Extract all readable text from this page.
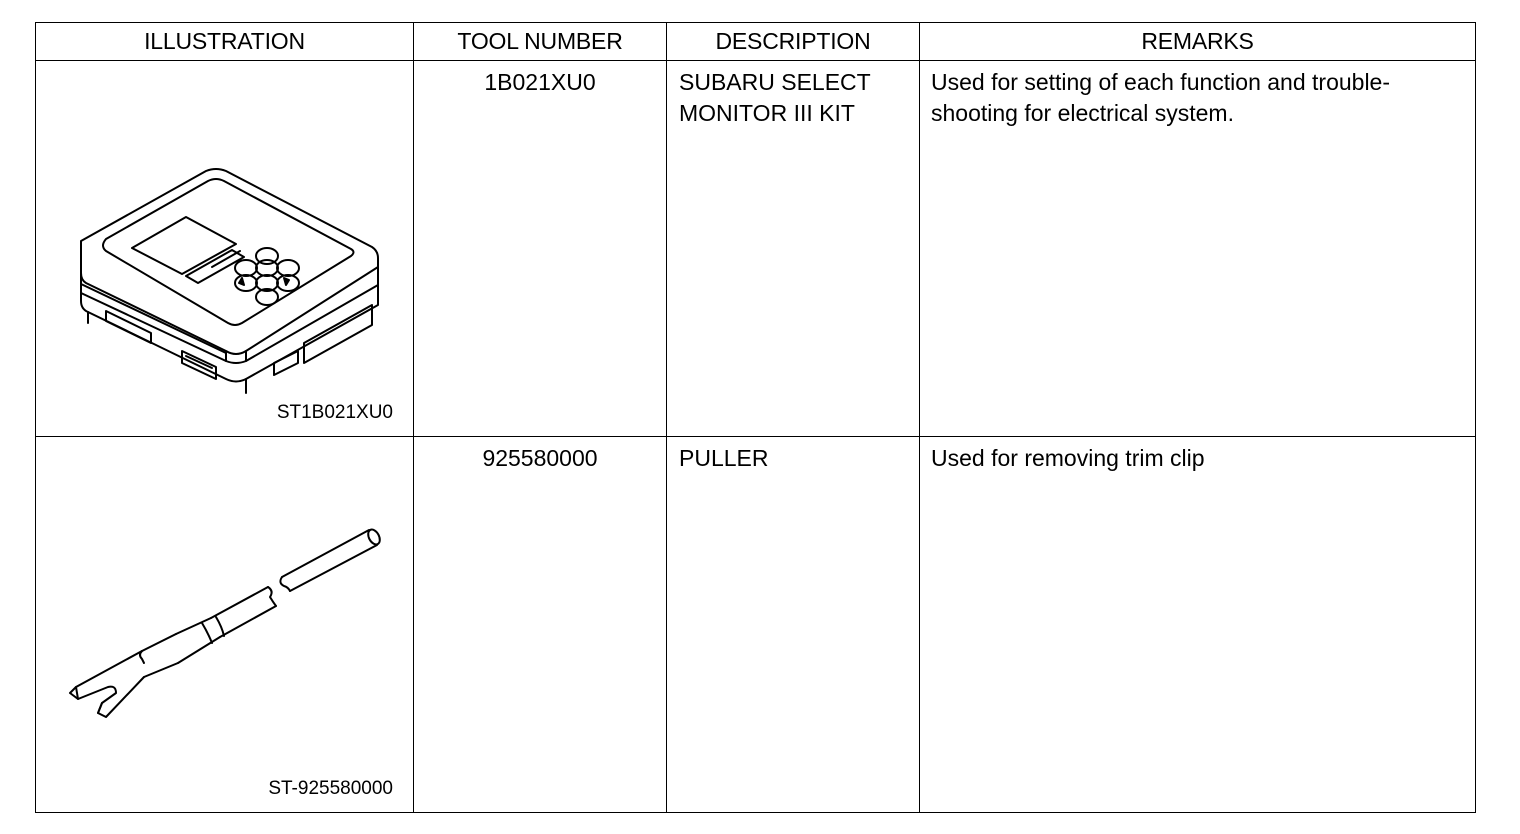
ILLUSTRATION	TOOL NUMBER	DESCRIPTION	REMARKS

ST1B021XU0	1B021XU0	SUBARU SELECT MONITOR III KIT	Used for setting of each function and trouble-shooting for electrical system.

ST-925580000	925580000	PULLER	Used for removing trim clip
